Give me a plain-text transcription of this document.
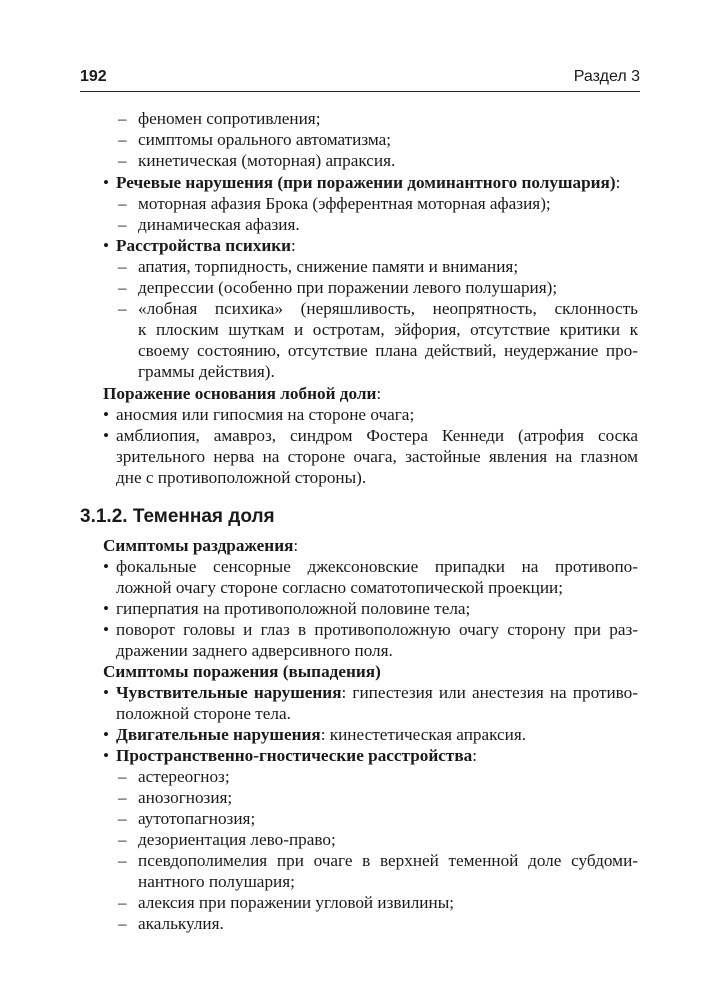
192	Раздел 3
– феномен сопротивления;
– симптомы орального автоматизма;
– кинетическая (моторная) апраксия.
• Речевые нарушения (при поражении доминантного полушария):
– моторная афазия Брока (эфферентная моторная афазия);
– динамическая афазия.
• Расстройства психики:
– апатия, торпидность, снижение памяти и внимания;
– депрессии (особенно при поражении левого полушария);
– «лобная психика» (неряшливость, неопрятность, склонность
к плоским шуткам и остротам, эйфория, отсутствие критики к
своему состоянию, отсутствие плана действий, неудержание про-
граммы действия).
Поражение основания лобной доли:
• аносмия или гипосмия на стороне очага;
• амблиопия, амавроз, синдром Фостера Кеннеди (атрофия соска
зрительного нерва на стороне очага, застойные явления на глазном
дне с противоположной стороны).
3.1.2. Теменная доля
Симптомы раздражения:
• фокальные сенсорные джексоновские припадки на противопо-
ложной очагу стороне согласно соматотопической проекции;
• гиперпатия на противоположной половине тела;
• поворот головы и глаз в противоположную очагу сторону при раз-
дражении заднего адверсивного поля.
Симптомы поражения (выпадения)
• Чувствительные нарушения: гипестезия или анестезия на противо-
положной стороне тела.
• Двигательные нарушения: кинестетическая апраксия.
• Пространственно-гностические расстройства:
– астереогноз;
– анозогнозия;
– аутотопагнозия;
– дезориентация лево-право;
– псевдополимелия при очаге в верхней теменной доле субдоми-
нантного полушария;
– алексия при поражении угловой извилины;
– акалькулия.
